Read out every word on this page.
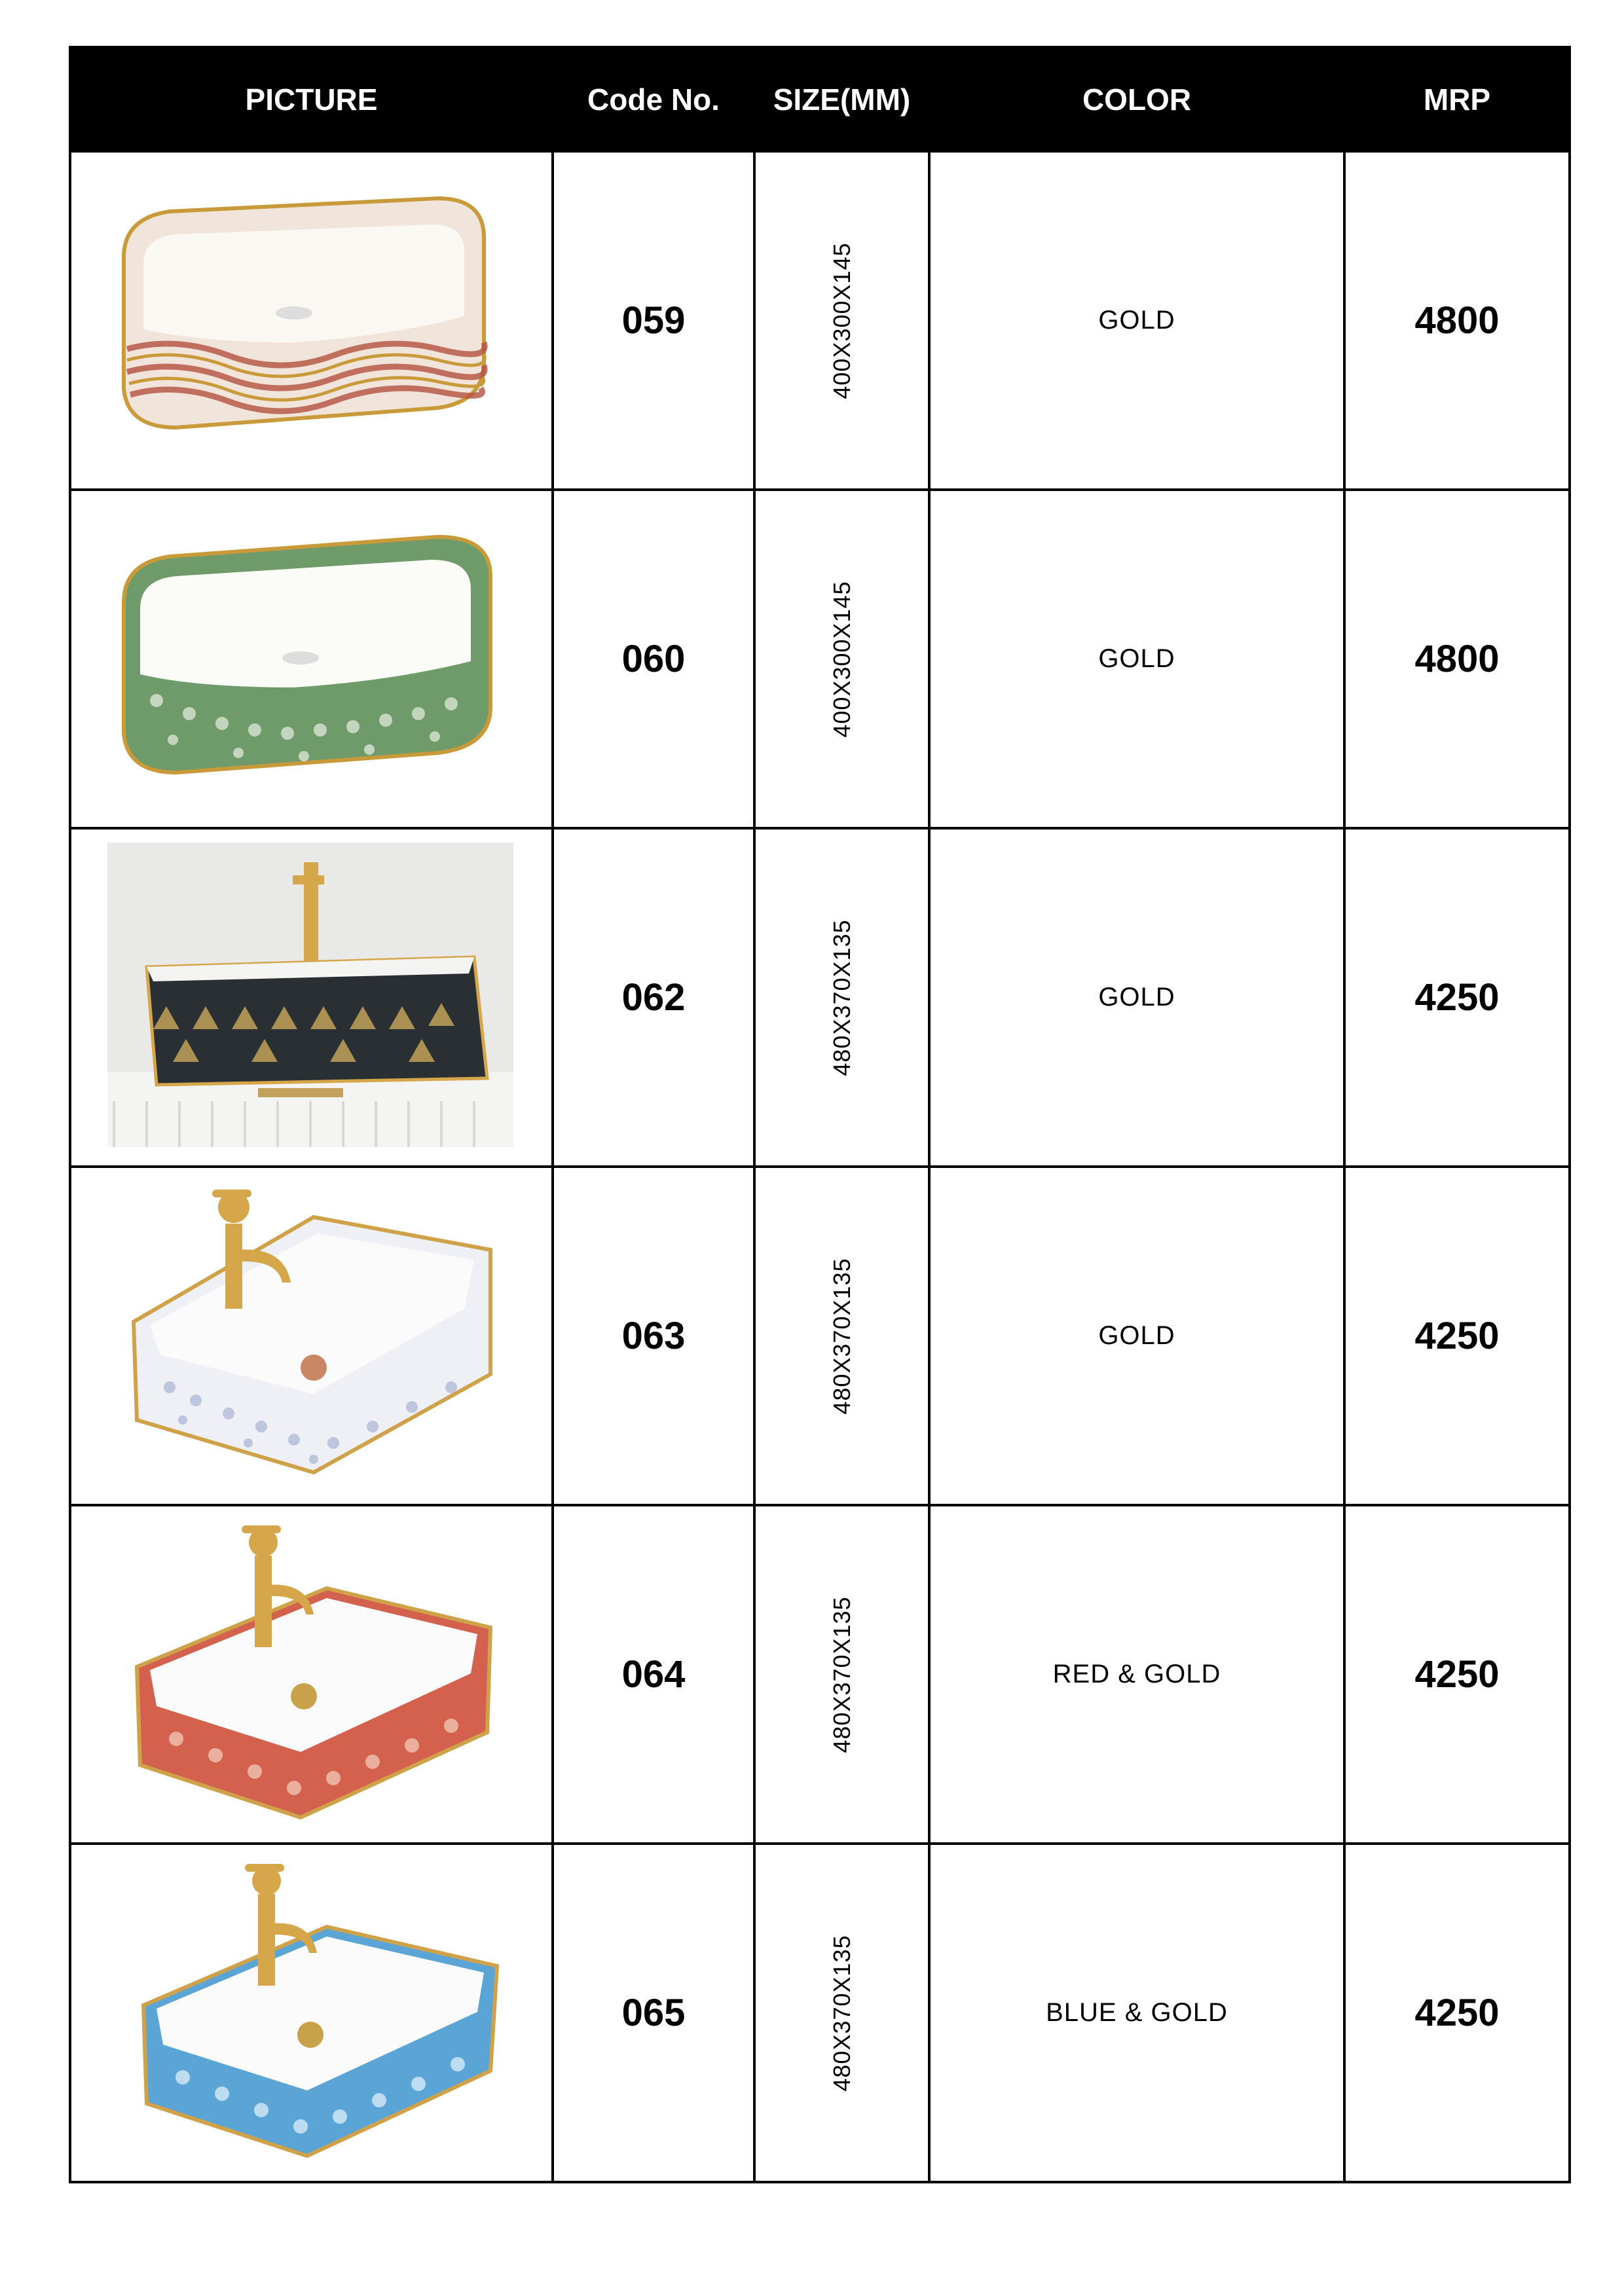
PICTURE	Code No.	SIZE(MM)	COLOR	MRP

	059	400X300X145	GOLD	4800

	060	400X300X145	GOLD	4800

	062	480X370X135	GOLD	4250

	063	480X370X135	GOLD	4250

	064	480X370X135	RED & GOLD	4250

	065	480X370X135	BLUE & GOLD	4250
